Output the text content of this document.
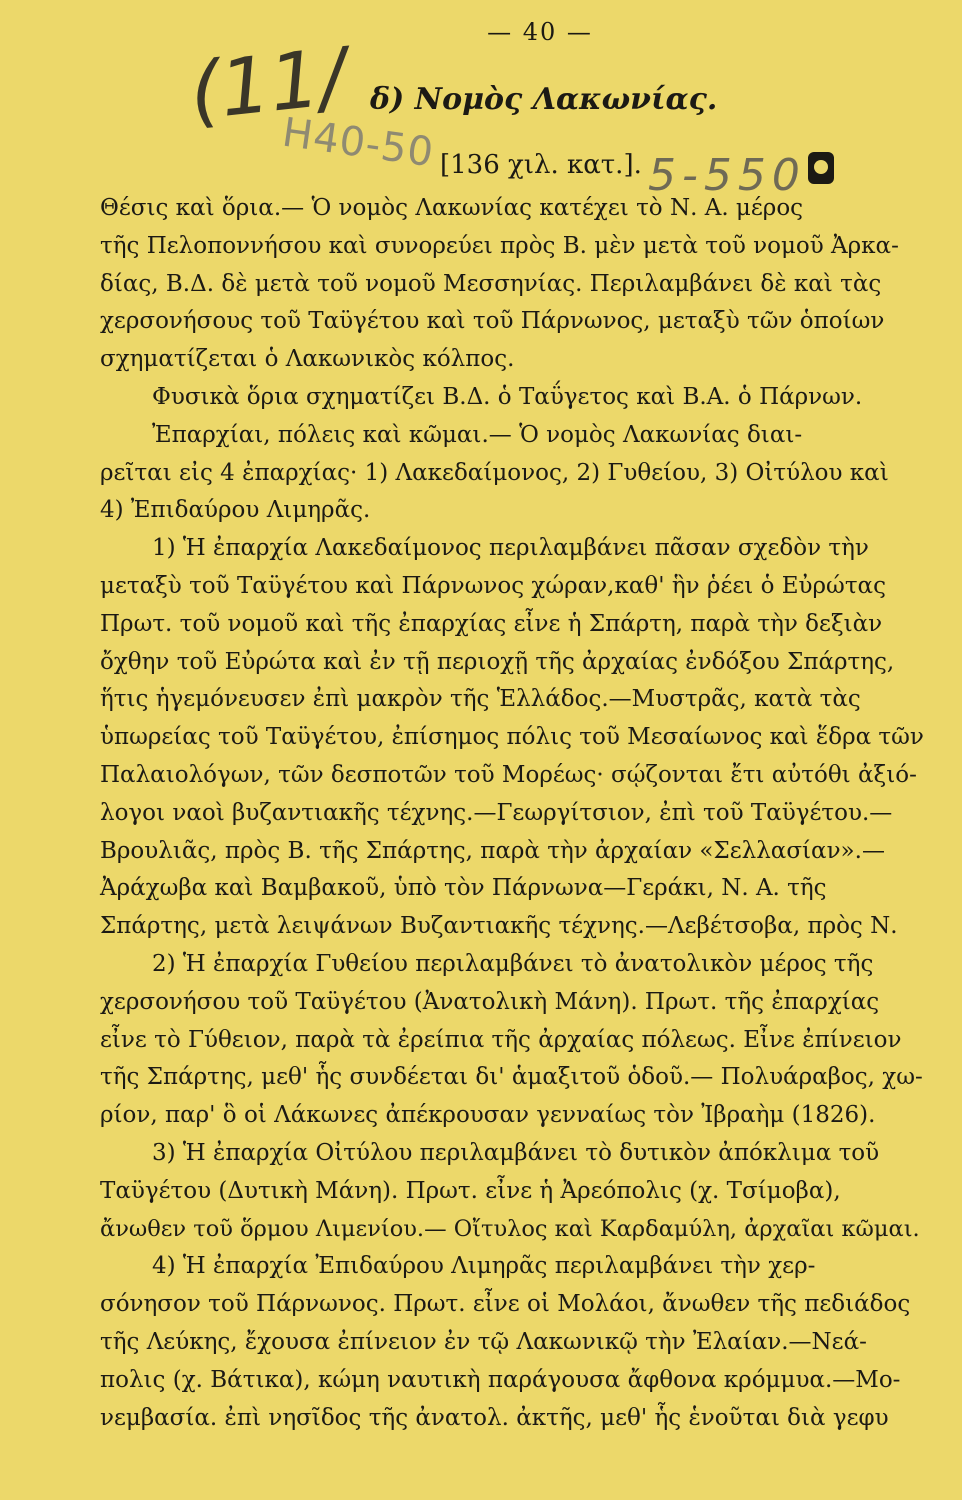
(11/
Η40-50	5-550
— 40 —
δ) Νομὸς Λακωνίας.
[136 χιλ. κατ.].
Θέσις καὶ ὅρια.— Ὁ νομὸς Λακωνίας κατέχει τὸ Ν. Α. μέρος
τῆς Πελοποννήσου καὶ συνορεύει πρὸς Β. μὲν μετὰ τοῦ νομοῦ Ἀρκα-
δίας, Β.Δ. δὲ μετὰ τοῦ νομοῦ Μεσσηνίας. Περιλαμβάνει δὲ καὶ τὰς
χερσονήσους τοῦ Ταϋγέτου καὶ τοῦ Πάρνωνος, μεταξὺ τῶν ὁποίων
σχηματίζεται ὁ Λακωνικὸς κόλπος.
Φυσικὰ ὅρια σχηματίζει Β.Δ. ὁ Ταΰγετος καὶ Β.Α. ὁ Πάρνων.
Ἐπαρχίαι, πόλεις καὶ κῶμαι.— Ὁ νομὸς Λακωνίας διαι-
ρεῖται εἰς 4 ἐπαρχίας· 1) Λακεδαίμονος, 2) Γυθείου, 3) Οἰτύλου καὶ
4) Ἐπιδαύρου Λιμηρᾶς.
1) Ἡ ἐπαρχία Λακεδαίμονος περιλαμβάνει πᾶσαν σχεδὸν τὴν
μεταξὺ τοῦ Ταϋγέτου καὶ Πάρνωνος χώραν,καθ' ἣν ῥέει ὁ Εὐρώτας
Πρωτ. τοῦ νομοῦ καὶ τῆς ἐπαρχίας εἶνε ἡ Σπάρτη, παρὰ τὴν δεξιὰν
ὄχθην τοῦ Εὐρώτα καὶ ἐν τῇ περιοχῇ τῆς ἀρχαίας ἐνδόξου Σπάρτης,
ἥτις ἡγεμόνευσεν ἐπὶ μακρὸν τῆς Ἑλλάδος.—Μυστρᾶς, κατὰ τὰς
ὑπωρείας τοῦ Ταϋγέτου, ἐπίσημος πόλις τοῦ Μεσαίωνος καὶ ἕδρα τῶν
Παλαιολόγων, τῶν δεσποτῶν τοῦ Μορέως· σῴζονται ἔτι αὐτόθι ἀξιό-
λογοι ναοὶ βυζαντιακῆς τέχνης.—Γεωργίτσιον, ἐπὶ τοῦ Ταϋγέτου.—
Βρουλιᾶς, πρὸς Β. τῆς Σπάρτης, παρὰ τὴν ἀρχαίαν «Σελλασίαν».—
Ἀράχωβα καὶ Βαμβακοῦ, ὑπὸ τὸν Πάρνωνα—Γεράκι, Ν. Α. τῆς
Σπάρτης, μετὰ λειψάνων Βυζαντιακῆς τέχνης.—Λεβέτσοβα, πρὸς Ν.
2) Ἡ ἐπαρχία Γυθείου περιλαμβάνει τὸ ἀνατολικὸν μέρος τῆς
χερσονήσου τοῦ Ταϋγέτου (Ἀνατολικὴ Μάνη). Πρωτ. τῆς ἐπαρχίας
εἶνε τὸ Γύθειον, παρὰ τὰ ἐρείπια τῆς ἀρχαίας πόλεως. Εἶνε ἐπίνειον
τῆς Σπάρτης, μεθ' ἧς συνδέεται δι' ἁμαξιτοῦ ὁδοῦ.— Πολυάραβος, χω-
ρίον, παρ' ὃ οἱ Λάκωνες ἀπέκρουσαν γενναίως τὸν Ἰβραὴμ (1826).
3) Ἡ ἐπαρχία Οἰτύλου περιλαμβάνει τὸ δυτικὸν ἀπόκλιμα τοῦ
Ταϋγέτου (Δυτικὴ Μάνη). Πρωτ. εἶνε ἡ Ἀρεόπολις (χ. Τσίμοβα),
ἄνωθεν τοῦ ὅρμου Λιμενίου.— Οἴτυλος καὶ Καρδαμύλη, ἀρχαῖαι κῶμαι.
4) Ἡ ἐπαρχία Ἐπιδαύρου Λιμηρᾶς περιλαμβάνει τὴν χερ-
σόνησον τοῦ Πάρνωνος. Πρωτ. εἶνε οἱ Μολάοι, ἄνωθεν τῆς πεδιάδος
τῆς Λεύκης, ἔχουσα ἐπίνειον ἐν τῷ Λακωνικῷ τὴν Ἐλαίαν.—Νεά-
πολις (χ. Βάτικα), κώμη ναυτικὴ παράγουσα ἄφθονα κρόμμυα.—Μο-
νεμβασία. ἐπὶ νησῖδος τῆς ἀνατολ. ἀκτῆς, μεθ' ἧς ἑνοῦται διὰ γεφυ
